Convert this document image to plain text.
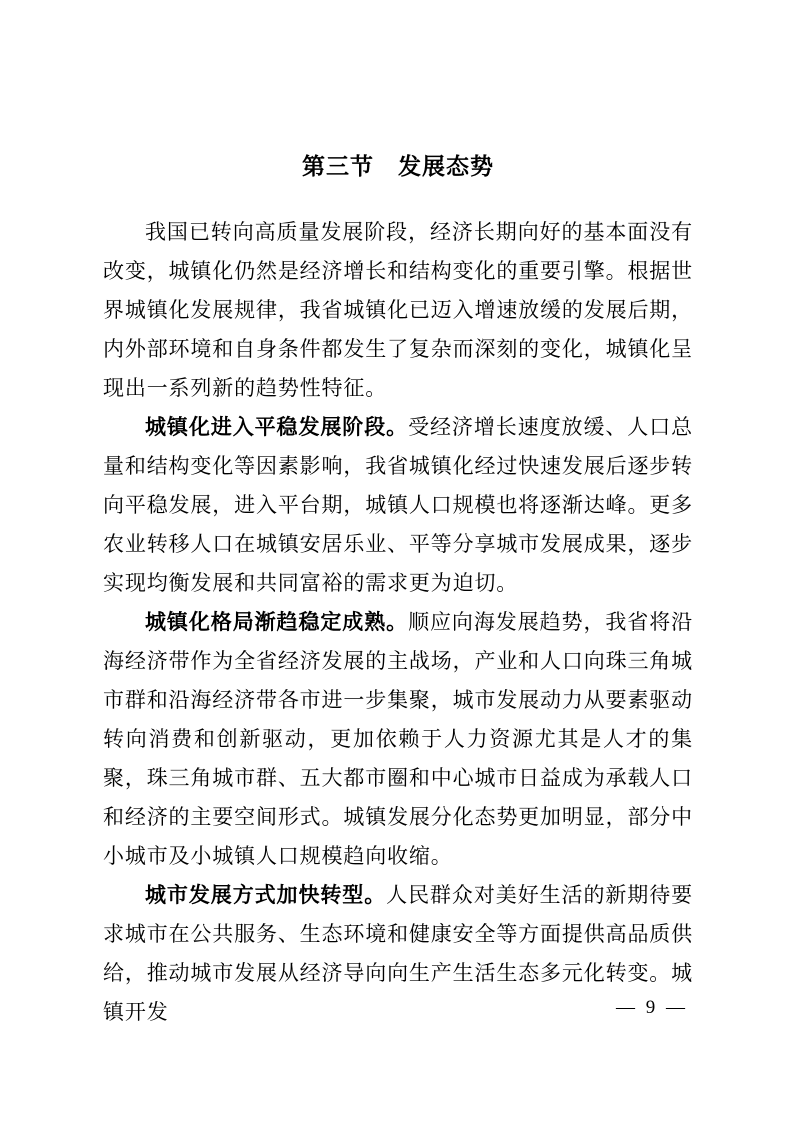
第三节　发展态势

我国已转向高质量发展阶段，经济长期向好的基本面没有改变，城镇化仍然是经济增长和结构变化的重要引擎。根据世界城镇化发展规律，我省城镇化已迈入增速放缓的发展后期，内外部环境和自身条件都发生了复杂而深刻的变化，城镇化呈现出一系列新的趋势性特征。

城镇化进入平稳发展阶段。受经济增长速度放缓、人口总量和结构变化等因素影响，我省城镇化经过快速发展后逐步转向平稳发展，进入平台期，城镇人口规模也将逐渐达峰。更多农业转移人口在城镇安居乐业、平等分享城市发展成果，逐步实现均衡发展和共同富裕的需求更为迫切。

城镇化格局渐趋稳定成熟。顺应向海发展趋势，我省将沿海经济带作为全省经济发展的主战场，产业和人口向珠三角城市群和沿海经济带各市进一步集聚，城市发展动力从要素驱动转向消费和创新驱动，更加依赖于人力资源尤其是人才的集聚，珠三角城市群、五大都市圈和中心城市日益成为承载人口和经济的主要空间形式。城镇发展分化态势更加明显，部分中小城市及小城镇人口规模趋向收缩。

城市发展方式加快转型。人民群众对美好生活的新期待要求城市在公共服务、生态环境和健康安全等方面提供高品质供给，推动城市发展从经济导向向生产生活生态多元化转变。城镇开发	— 9 —
